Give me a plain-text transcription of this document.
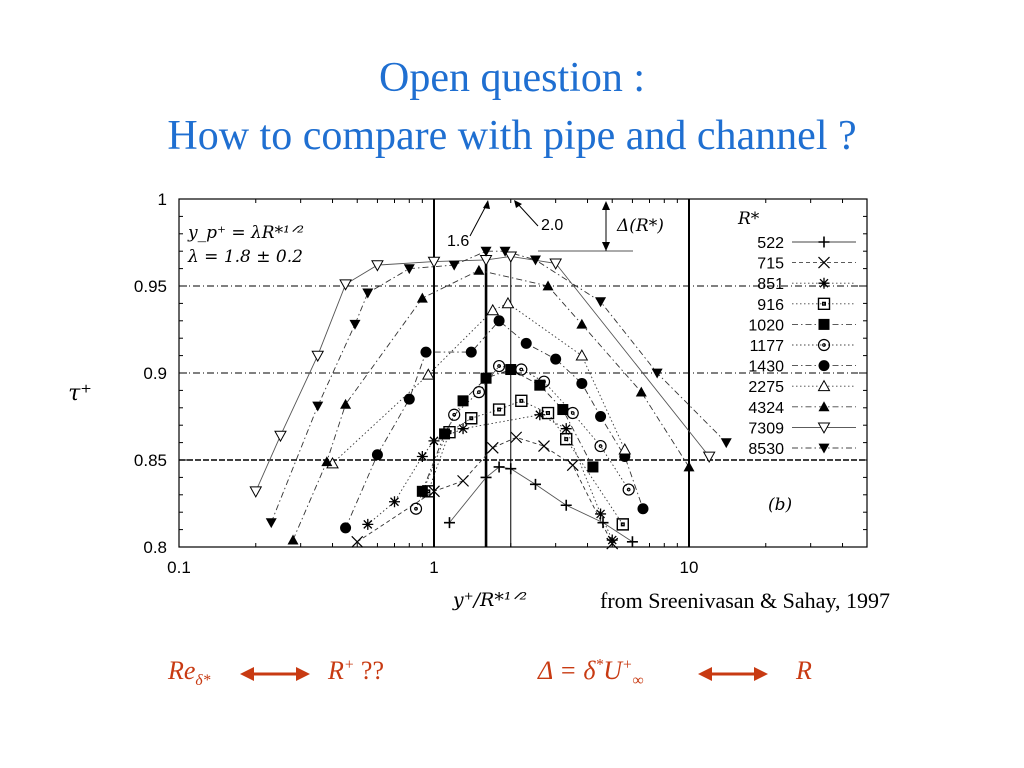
Open question :
How to compare with pipe and channel ?
0.1	1	10
0.8
0.85
0.9
0.95
1
y⁺/R*¹ᐟ²
τ⁺
y_p⁺ = λR*¹ᐟ²
λ = 1.8 ± 0.2
1.6
2.0	Δ(R*)
(b)
R*
522
715
851
916
1020
1177
1430
2275
4324
7309
8530
from Sreenivasan & Sahay, 1997
$Re_{\delta*}$	R+ ??	$\Delta = \delta^*U^+_\infty$	R
